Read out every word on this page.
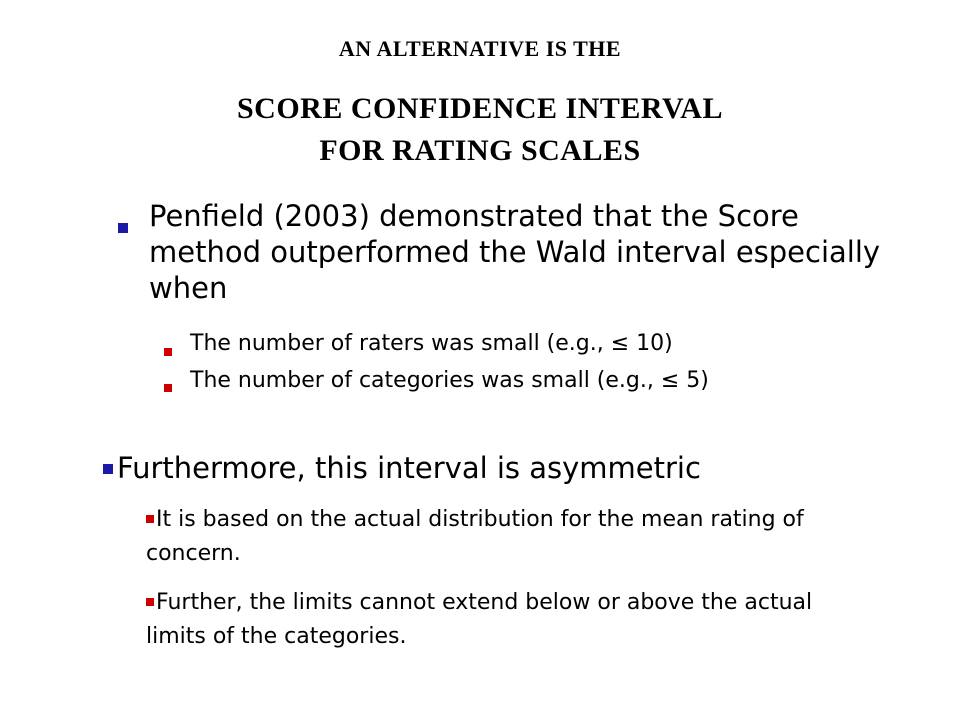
AN ALTERNATIVE IS THE
SCORE CONFIDENCE INTERVAL
FOR RATING SCALES

Penfield (2003) demonstrated that the Score method outperformed the Wald interval especially when

The number of raters was small (e.g., ≤ 10)

The number of categories was small (e.g., ≤ 5)

Furthermore, this interval is asymmetric

It is based on the actual distribution for the mean rating of concern.

Further, the limits cannot extend below or above the actual limits of the categories.
